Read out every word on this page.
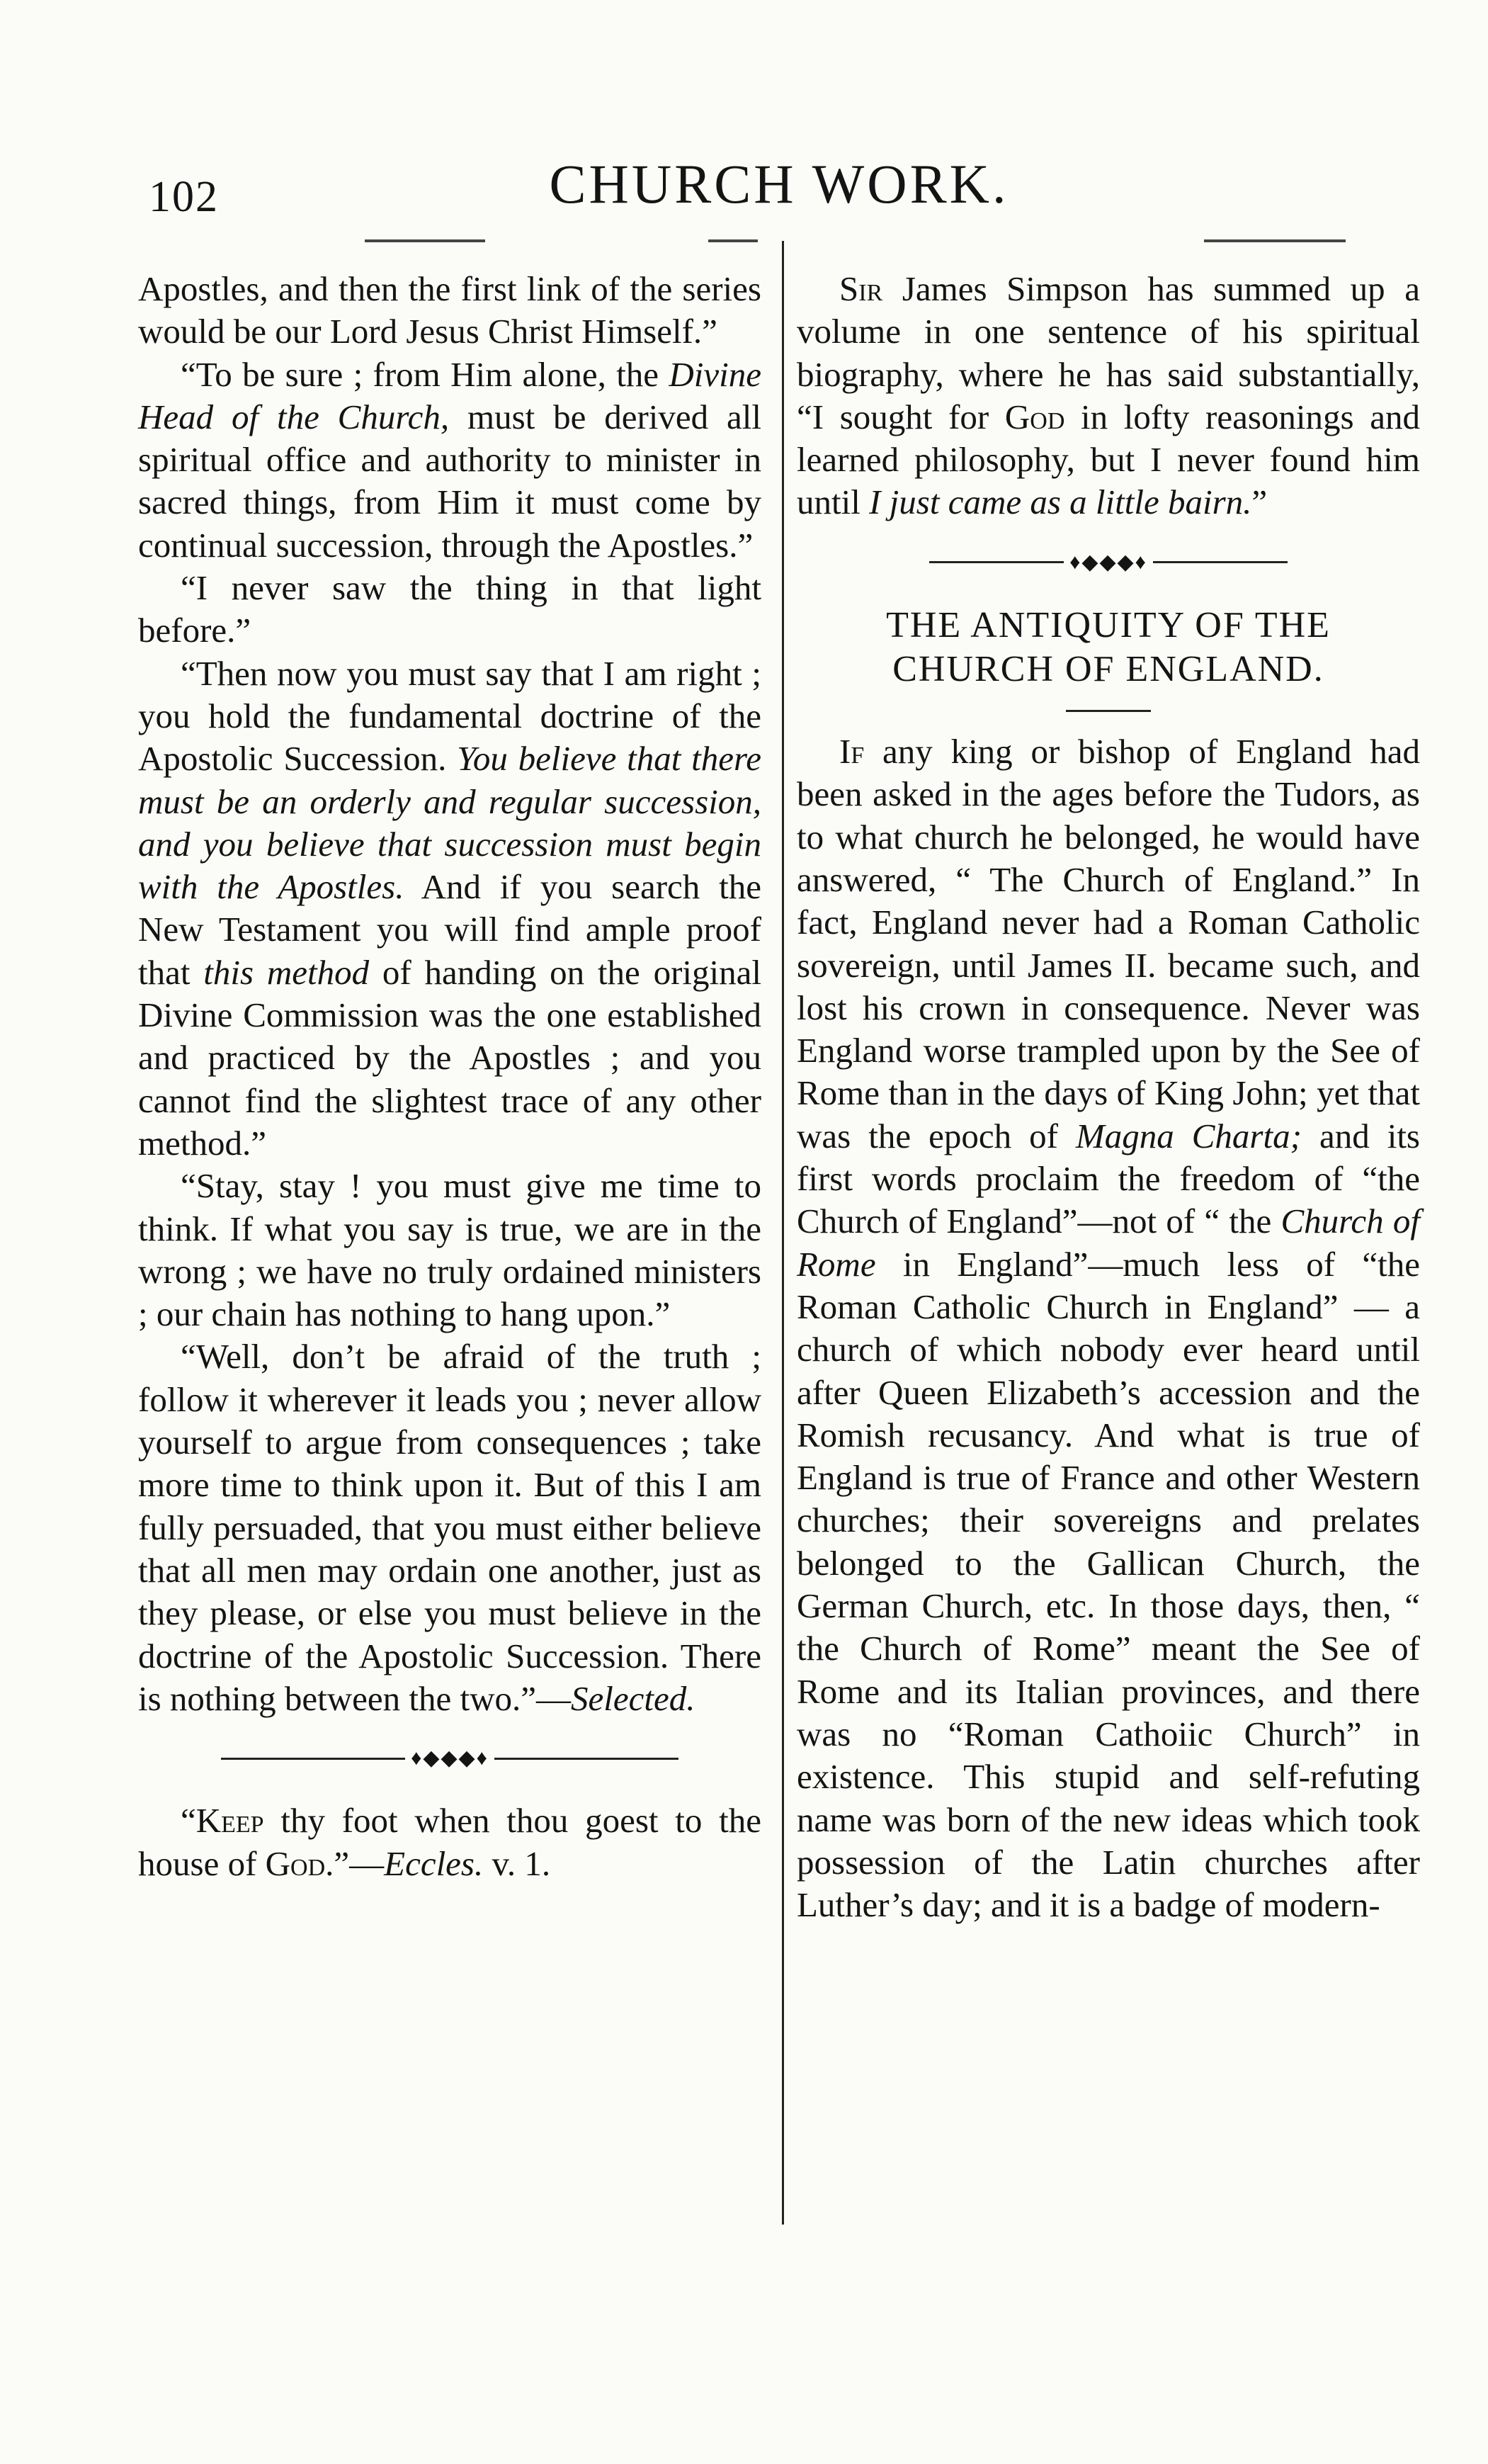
102	CHURCH WORK.

Apostles, and then the first link of the series would be our Lord Jesus Christ Himself.”

“To be sure ; from Him alone, the Divine Head of the Church, must be derived all spiritual office and authority to minister in sacred things, from Him it must come by continual succession, through the Apostles.”

“I never saw the thing in that light before.”

“Then now you must say that I am right ; you hold the fundamental doctrine of the Apostolic Succession. You believe that there must be an orderly and regular succession, and you believe that succession must begin with the Apostles. And if you search the New Testament you will find ample proof that this method of handing on the original Divine Commission was the one established and practiced by the Apostles ; and you cannot find the slightest trace of any other method.”

“Stay, stay ! you must give me time to think. If what you say is true, we are in the wrong ; we have no truly ordained ministers ; our chain has nothing to hang upon.”

“Well, don’t be afraid of the truth ; follow it wherever it leads you ; never allow yourself to argue from consequences ; take more time to think upon it. But of this I am fully persuaded, that you must either believe that all men may ordain one another, just as they please, or else you must believe in the doctrine of the Apostolic Succession. There is nothing between the two.”—Selected.

♦◆◆◆♦

“Keep thy foot when thou goest to the house of God.”—Eccles. v. 1.

Sir James Simpson has summed up a volume in one sentence of his spiritual biography, where he has said substantially, “I sought for God in lofty reasonings and learned philosophy, but I never found him until I just came as a little bairn.”

♦◆◆◆♦

THE ANTIQUITY OF THE
CHURCH OF ENGLAND.

If any king or bishop of England had been asked in the ages before the Tudors, as to what church he belonged, he would have answered, “ The Church of England.” In fact, England never had a Roman Catholic sovereign, until James II. became such, and lost his crown in consequence. Never was England worse trampled upon by the See of Rome than in the days of King John; yet that was the epoch of Magna Charta; and its first words proclaim the freedom of “the Church of England”—not of “ the Church of Rome in England”—much less of “the Roman Catholic Church in England” — a church of which nobody ever heard until after Queen Elizabeth’s accession and the Romish recusancy. And what is true of England is true of France and other Western churches; their sovereigns and prelates belonged to the Gallican Church, the German Church, etc. In those days, then, “ the Church of Rome” meant the See of Rome and its Italian provinces, and there was no “Roman Cathoiic Church” in existence. This stupid and self-refuting name was born of the new ideas which took possession of the Latin churches after Luther’s day; and it is a badge of modern-
